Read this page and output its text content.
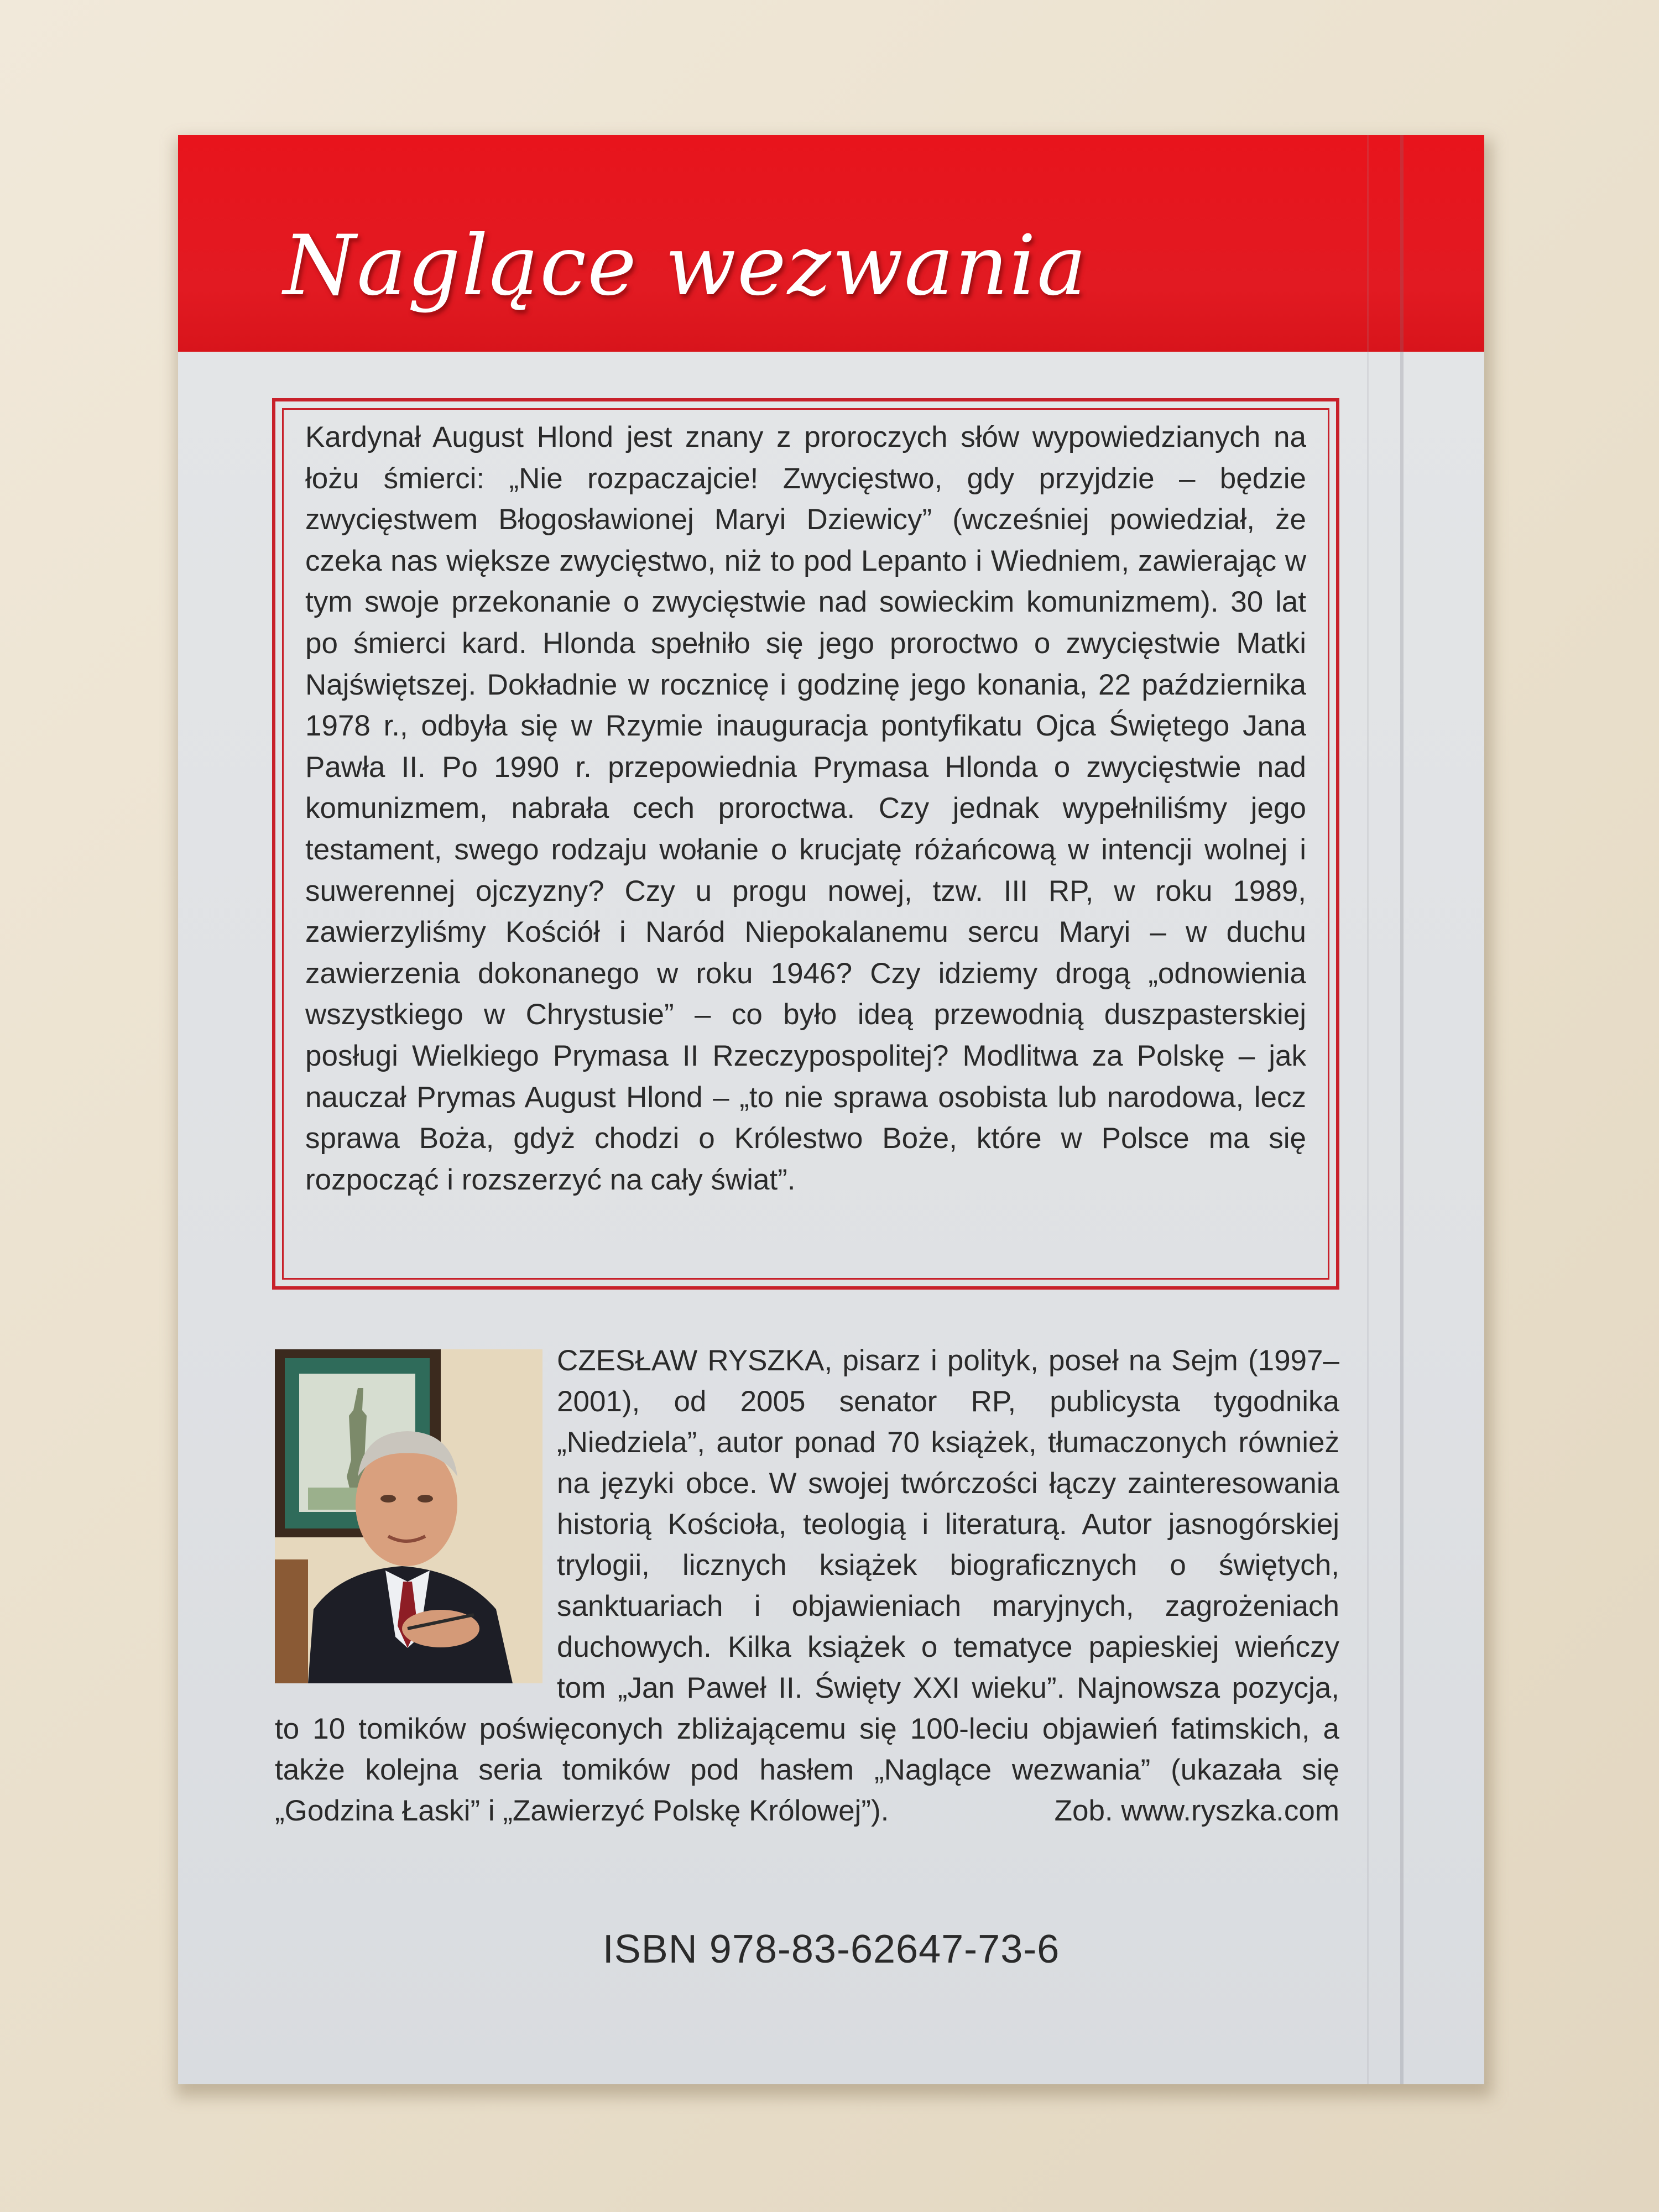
Naglące wezwania

Kardynał August Hlond jest znany z proroczych słów wypowiedzianych na łożu śmierci: „Nie rozpaczajcie! Zwycięstwo, gdy przyjdzie – będzie zwycięstwem Błogosławionej Maryi Dziewicy” (wcześniej powiedział, że czeka nas większe zwycięstwo, niż to pod Lepanto i Wiedniem, zawierając w tym swoje przekonanie o zwycięstwie nad sowieckim komunizmem). 30 lat po śmierci kard. Hlonda spełniło się jego proroctwo o zwycięstwie Matki Najświętszej. Dokładnie w rocznicę i godzinę jego konania, 22 października 1978 r., odbyła się w Rzymie inauguracja pontyfikatu Ojca Świętego Jana Pawła II. Po 1990 r. przepowiednia Prymasa Hlonda o zwycięstwie nad komunizmem, nabrała cech proroctwa. Czy jednak wypełniliśmy jego testament, swego rodzaju wołanie o krucjatę różańcową w intencji wolnej i suwerennej ojczyzny? Czy u progu nowej, tzw. III RP, w roku 1989, zawierzyliśmy Kościół i Naród Niepokalanemu sercu Maryi – w duchu zawierzenia dokonanego w roku 1946? Czy idziemy drogą „odnowienia wszystkiego w Chrystusie” – co było ideą przewodnią duszpasterskiej posługi Wielkiego Prymasa II Rzeczypospolitej? Modlitwa za Polskę – jak nauczał Prymas August Hlond – „to nie sprawa osobista lub narodowa, lecz sprawa Boża, gdyż chodzi o Królestwo Boże, które w Polsce ma się rozpocząć i rozszerzyć na cały świat”.

CZESŁAW RYSZKA, pisarz i polityk, poseł na Sejm (1997–2001), od 2005 senator RP, publicysta tygodnika „Niedziela”, autor ponad 70 książek, tłumaczonych również na języki obce. W swojej twórczości łączy zainteresowania historią Kościoła, teologią i literaturą. Autor jasnogórskiej trylogii, licznych książek biograficznych o świętych, sanktuariach i objawieniach maryjnych, zagrożeniach duchowych. Kilka książek o tematyce papieskiej wieńczy tom „Jan Paweł II. Święty XXI wieku”. Najnowsza pozycja, to 10 tomików poświęconych zbliżającemu się 100-leciu objawień fatimskich, a także kolejna seria tomików pod hasłem „Naglące wezwania” (ukazała się „Godzina Łaski” i „Zawierzyć Polskę Królowej”).	Zob. www.ryszka.com
ISBN 978-83-62647-73-6
